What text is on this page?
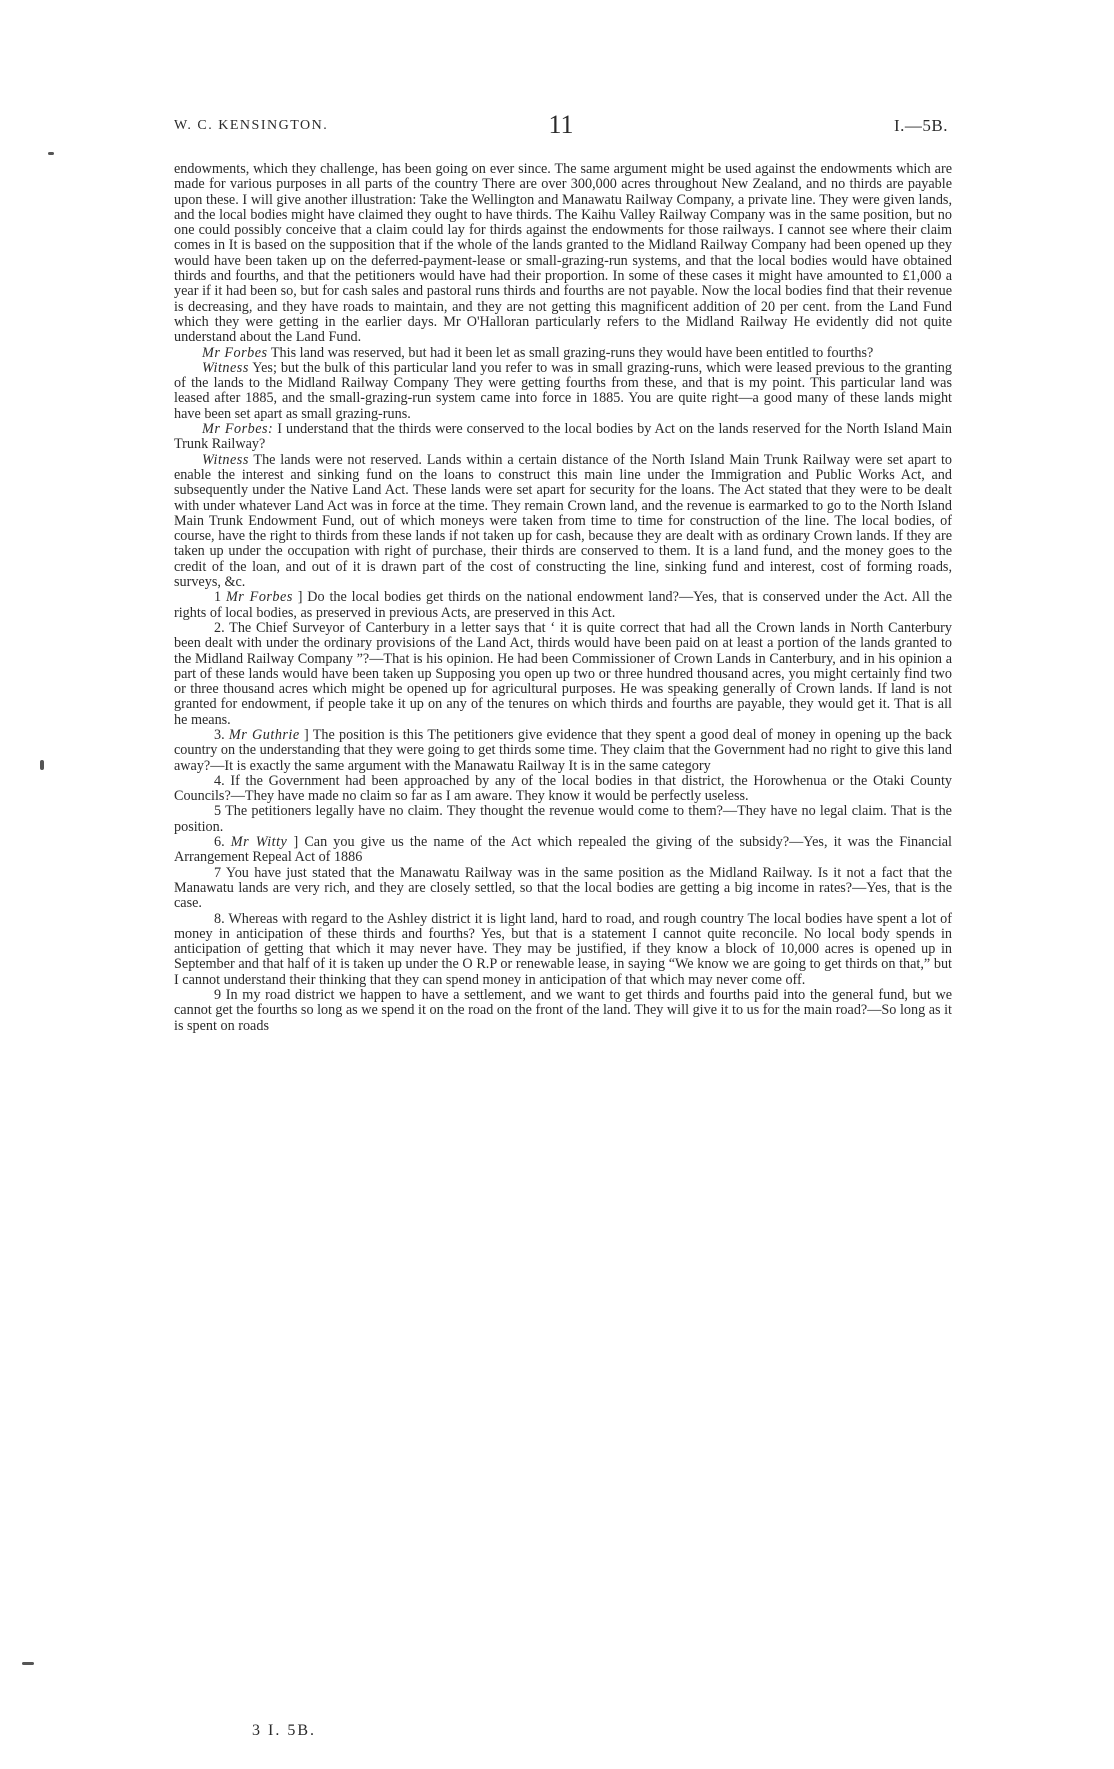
W. C. KENSINGTON.	11	I.—5B.

endowments, which they challenge, has been going on ever since. The same argument might be used against the endowments which are made for various purposes in all parts of the country There are over 300,000 acres throughout New Zealand, and no thirds are payable upon these. I will give another illustration: Take the Wellington and Manawatu Railway Company, a private line. They were given lands, and the local bodies might have claimed they ought to have thirds. The Kaihu Valley Railway Company was in the same position, but no one could possibly conceive that a claim could lay for thirds against the endowments for those railways. I cannot see where their claim comes in It is based on the supposition that if the whole of the lands granted to the Midland Railway Company had been opened up they would have been taken up on the deferred-payment-lease or small-grazing-run systems, and that the local bodies would have obtained thirds and fourths, and that the petitioners would have had their proportion. In some of these cases it might have amounted to £1,000 a year if it had been so, but for cash sales and pastoral runs thirds and fourths are not payable. Now the local bodies find that their revenue is decreasing, and they have roads to maintain, and they are not getting this magnificent addition of 20 per cent. from the Land Fund which they were getting in the earlier days. Mr O'Halloran particularly refers to the Midland Railway He evidently did not quite understand about the Land Fund.

Mr Forbes This land was reserved, but had it been let as small grazing-runs they would have been entitled to fourths?

Witness Yes; but the bulk of this particular land you refer to was in small grazing-runs, which were leased previous to the granting of the lands to the Midland Railway Company They were getting fourths from these, and that is my point. This particular land was leased after 1885, and the small-grazing-run system came into force in 1885. You are quite right—a good many of these lands might have been set apart as small grazing-runs.

Mr Forbes: I understand that the thirds were conserved to the local bodies by Act on the lands reserved for the North Island Main Trunk Railway?

Witness The lands were not reserved. Lands within a certain distance of the North Island Main Trunk Railway were set apart to enable the interest and sinking fund on the loans to construct this main line under the Immigration and Public Works Act, and subsequently under the Native Land Act. These lands were set apart for security for the loans. The Act stated that they were to be dealt with under whatever Land Act was in force at the time. They remain Crown land, and the revenue is earmarked to go to the North Island Main Trunk Endowment Fund, out of which moneys were taken from time to time for construction of the line. The local bodies, of course, have the right to thirds from these lands if not taken up for cash, because they are dealt with as ordinary Crown lands. If they are taken up under the occupation with right of purchase, their thirds are conserved to them. It is a land fund, and the money goes to the credit of the loan, and out of it is drawn part of the cost of constructing the line, sinking fund and interest, cost of forming roads, surveys, &c.

1 Mr Forbes ] Do the local bodies get thirds on the national endowment land?—Yes, that is conserved under the Act. All the rights of local bodies, as preserved in previous Acts, are preserved in this Act.

2. The Chief Surveyor of Canterbury in a letter says that ‘ it is quite correct that had all the Crown lands in North Canterbury been dealt with under the ordinary provisions of the Land Act, thirds would have been paid on at least a portion of the lands granted to the Midland Railway Company ”?—That is his opinion. He had been Commissioner of Crown Lands in Canterbury, and in his opinion a part of these lands would have been taken up Supposing you open up two or three hundred thousand acres, you might certainly find two or three thousand acres which might be opened up for agricultural purposes. He was speaking generally of Crown lands. If land is not granted for endowment, if people take it up on any of the tenures on which thirds and fourths are payable, they would get it. That is all he means.

3. Mr Guthrie ] The position is this The petitioners give evidence that they spent a good deal of money in opening up the back country on the understanding that they were going to get thirds some time. They claim that the Government had no right to give this land away?—It is exactly the same argument with the Manawatu Railway It is in the same category

4. If the Government had been approached by any of the local bodies in that district, the Horowhenua or the Otaki County Councils?—They have made no claim so far as I am aware. They know it would be perfectly useless.

5 The petitioners legally have no claim. They thought the revenue would come to them?—They have no legal claim. That is the position.

6. Mr Witty ] Can you give us the name of the Act which repealed the giving of the subsidy?—Yes, it was the Financial Arrangement Repeal Act of 1886

7 You have just stated that the Manawatu Railway was in the same position as the Midland Railway. Is it not a fact that the Manawatu lands are very rich, and they are closely settled, so that the local bodies are getting a big income in rates?—Yes, that is the case.

8. Whereas with regard to the Ashley district it is light land, hard to road, and rough country The local bodies have spent a lot of money in anticipation of these thirds and fourths? Yes, but that is a statement I cannot quite reconcile. No local body spends in anticipation of getting that which it may never have. They may be justified, if they know a block of 10,000 acres is opened up in September and that half of it is taken up under the O R.P or renewable lease, in saying “We know we are going to get thirds on that,” but I cannot understand their thinking that they can spend money in anticipation of that which may never come off.

9 In my road district we happen to have a settlement, and we want to get thirds and fourths paid into the general fund, but we cannot get the fourths so long as we spend it on the road on the front of the land. They will give it to us for the main road?—So long as it is spent on roads

3 I. 5B.
